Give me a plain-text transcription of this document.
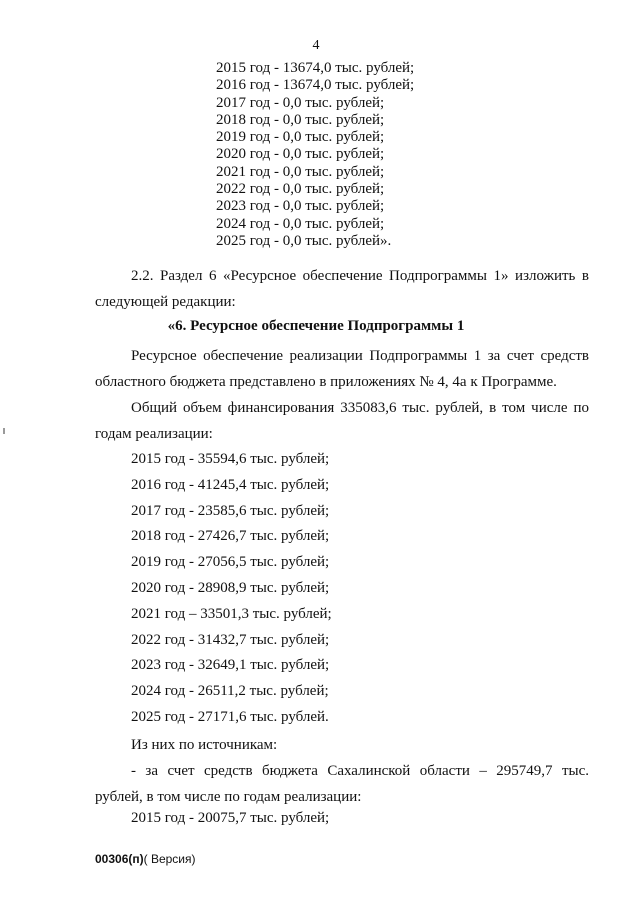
4
2015 год - 13674,0 тыс. рублей;
2016 год - 13674,0 тыс. рублей;
2017 год - 0,0 тыс. рублей;
2018 год - 0,0 тыс. рублей;
2019 год - 0,0 тыс. рублей;
2020 год - 0,0 тыс. рублей;
2021 год - 0,0 тыс. рублей;
2022 год - 0,0 тыс. рублей;
2023 год - 0,0 тыс. рублей;
2024 год - 0,0 тыс. рублей;
2025 год - 0,0 тыс. рублей».
2.2. Раздел 6 «Ресурсное обеспечение Подпрограммы 1» изложить в следующей редакции:
«6. Ресурсное обеспечение Подпрограммы 1
Ресурсное обеспечение реализации Подпрограммы 1 за счет средств областного бюджета представлено в приложениях № 4, 4а к Программе.
Общий объем финансирования 335083,6 тыс. рублей, в том числе по годам реализации:
2015 год - 35594,6 тыс. рублей;
2016 год - 41245,4 тыс. рублей;
2017 год - 23585,6 тыс. рублей;
2018 год - 27426,7 тыс. рублей;
2019 год - 27056,5 тыс. рублей;
2020 год - 28908,9 тыс. рублей;
2021 год – 33501,3 тыс. рублей;
2022 год - 31432,7 тыс. рублей;
2023 год - 32649,1 тыс. рублей;
2024 год - 26511,2 тыс. рублей;
2025 год - 27171,6 тыс. рублей.
Из них по источникам:
- за счет средств бюджета Сахалинской области – 295749,7 тыс. рублей, в том числе по годам реализации:
2015 год - 20075,7 тыс. рублей;
00306(п)( Версия)
